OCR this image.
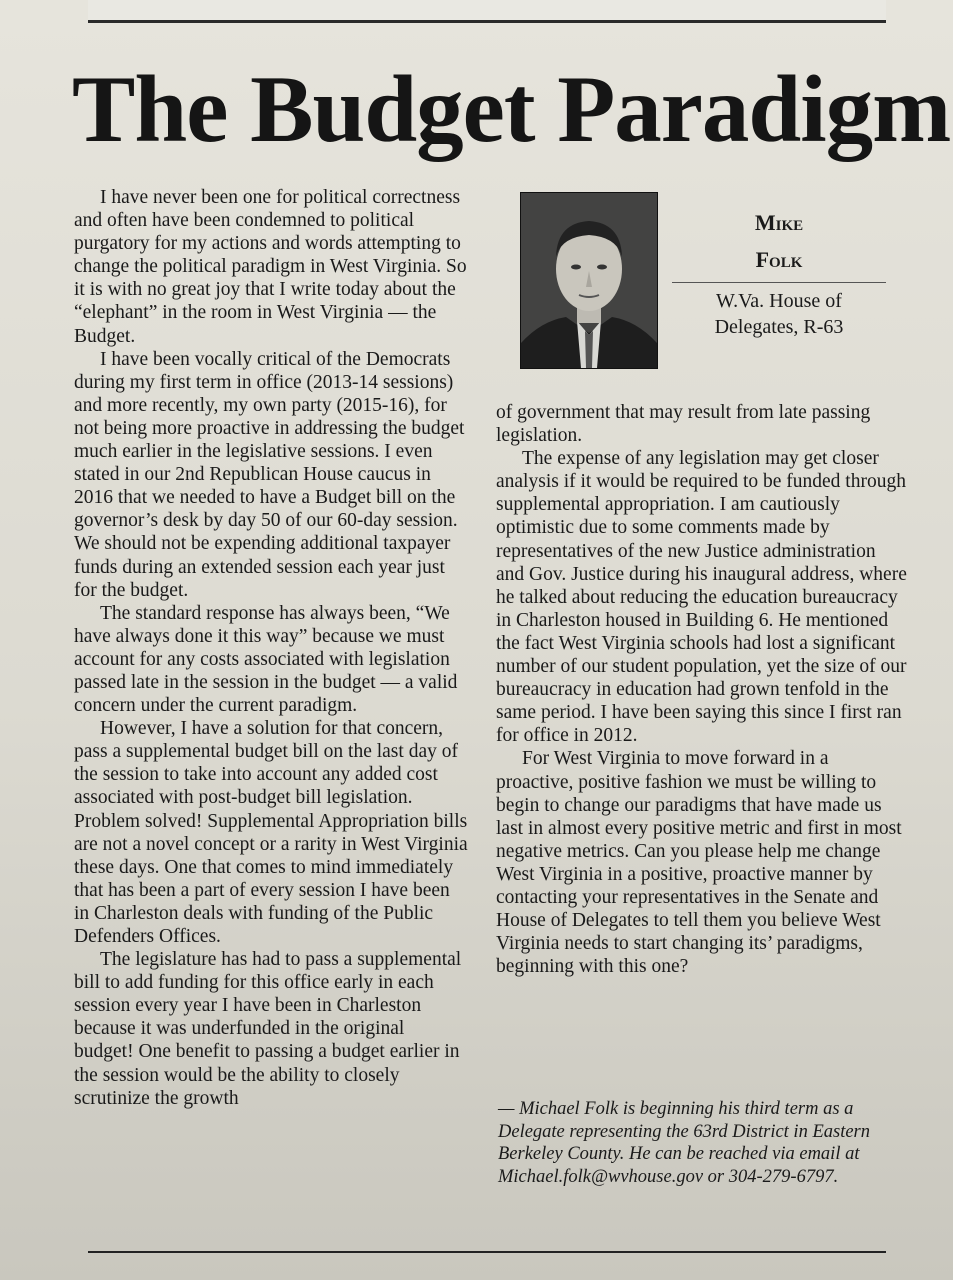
The Budget Paradigm

I have never been one for political correctness and often have been condemned to political purgatory for my actions and words attempting to change the political paradigm in West Virginia. So it is with no great joy that I write today about the “elephant” in the room in West Virginia — the Budget.

I have been vocally critical of the Democrats during my first term in office (2013-14 sessions) and more recently, my own party (2015-16), for not being more proactive in addressing the budget much earlier in the legislative sessions. I even stated in our 2nd Republican House caucus in 2016 that we needed to have a Budget bill on the governor’s desk by day 50 of our 60-day session. We should not be expending additional taxpayer funds during an extended session each year just for the budget.

The standard response has always been, “We have always done it this way” because we must account for any costs associated with legislation passed late in the session in the budget — a valid concern under the current paradigm.

However, I have a solution for that concern, pass a supplemental budget bill on the last day of the session to take into account any added cost associated with post-budget bill legislation. Problem solved! Supplemental Appropriation bills are not a novel concept or a rarity in West Virginia these days. One that comes to mind immediately that has been a part of every session I have been in Charleston deals with funding of the Public Defenders Offices.

The legislature has had to pass a supplemental bill to add funding for this office early in each session every year I have been in Charleston because it was underfunded in the original budget! One benefit to passing a budget earlier in the session would be the ability to closely scrutinize the growth

Mike
Folk
W.Va. House of
Delegates, R-63

of government that may result from late passing legislation.

The expense of any legislation may get closer analysis if it would be required to be funded through supplemental appropriation. I am cautiously optimistic due to some comments made by representatives of the new Justice administration and Gov. Justice during his inaugural address, where he talked about reducing the education bureaucracy in Charleston housed in Building 6. He mentioned the fact West Virginia schools had lost a significant number of our student population, yet the size of our bureaucracy in education had grown tenfold in the same period. I have been saying this since I first ran for office in 2012.

For West Virginia to move forward in a proactive, positive fashion we must be willing to begin to change our paradigms that have made us last in almost every positive metric and first in most negative metrics. Can you please help me change West Virginia in a positive, proactive manner by contacting your representatives in the Senate and House of Delegates to tell them you believe West Virginia needs to start changing its’ paradigms, beginning with this one?

— Michael Folk is beginning his third term as a Delegate representing the 63rd District in Eastern Berkeley County. He can be reached via email at Michael.folk@wvhouse.gov or 304-279-6797.
